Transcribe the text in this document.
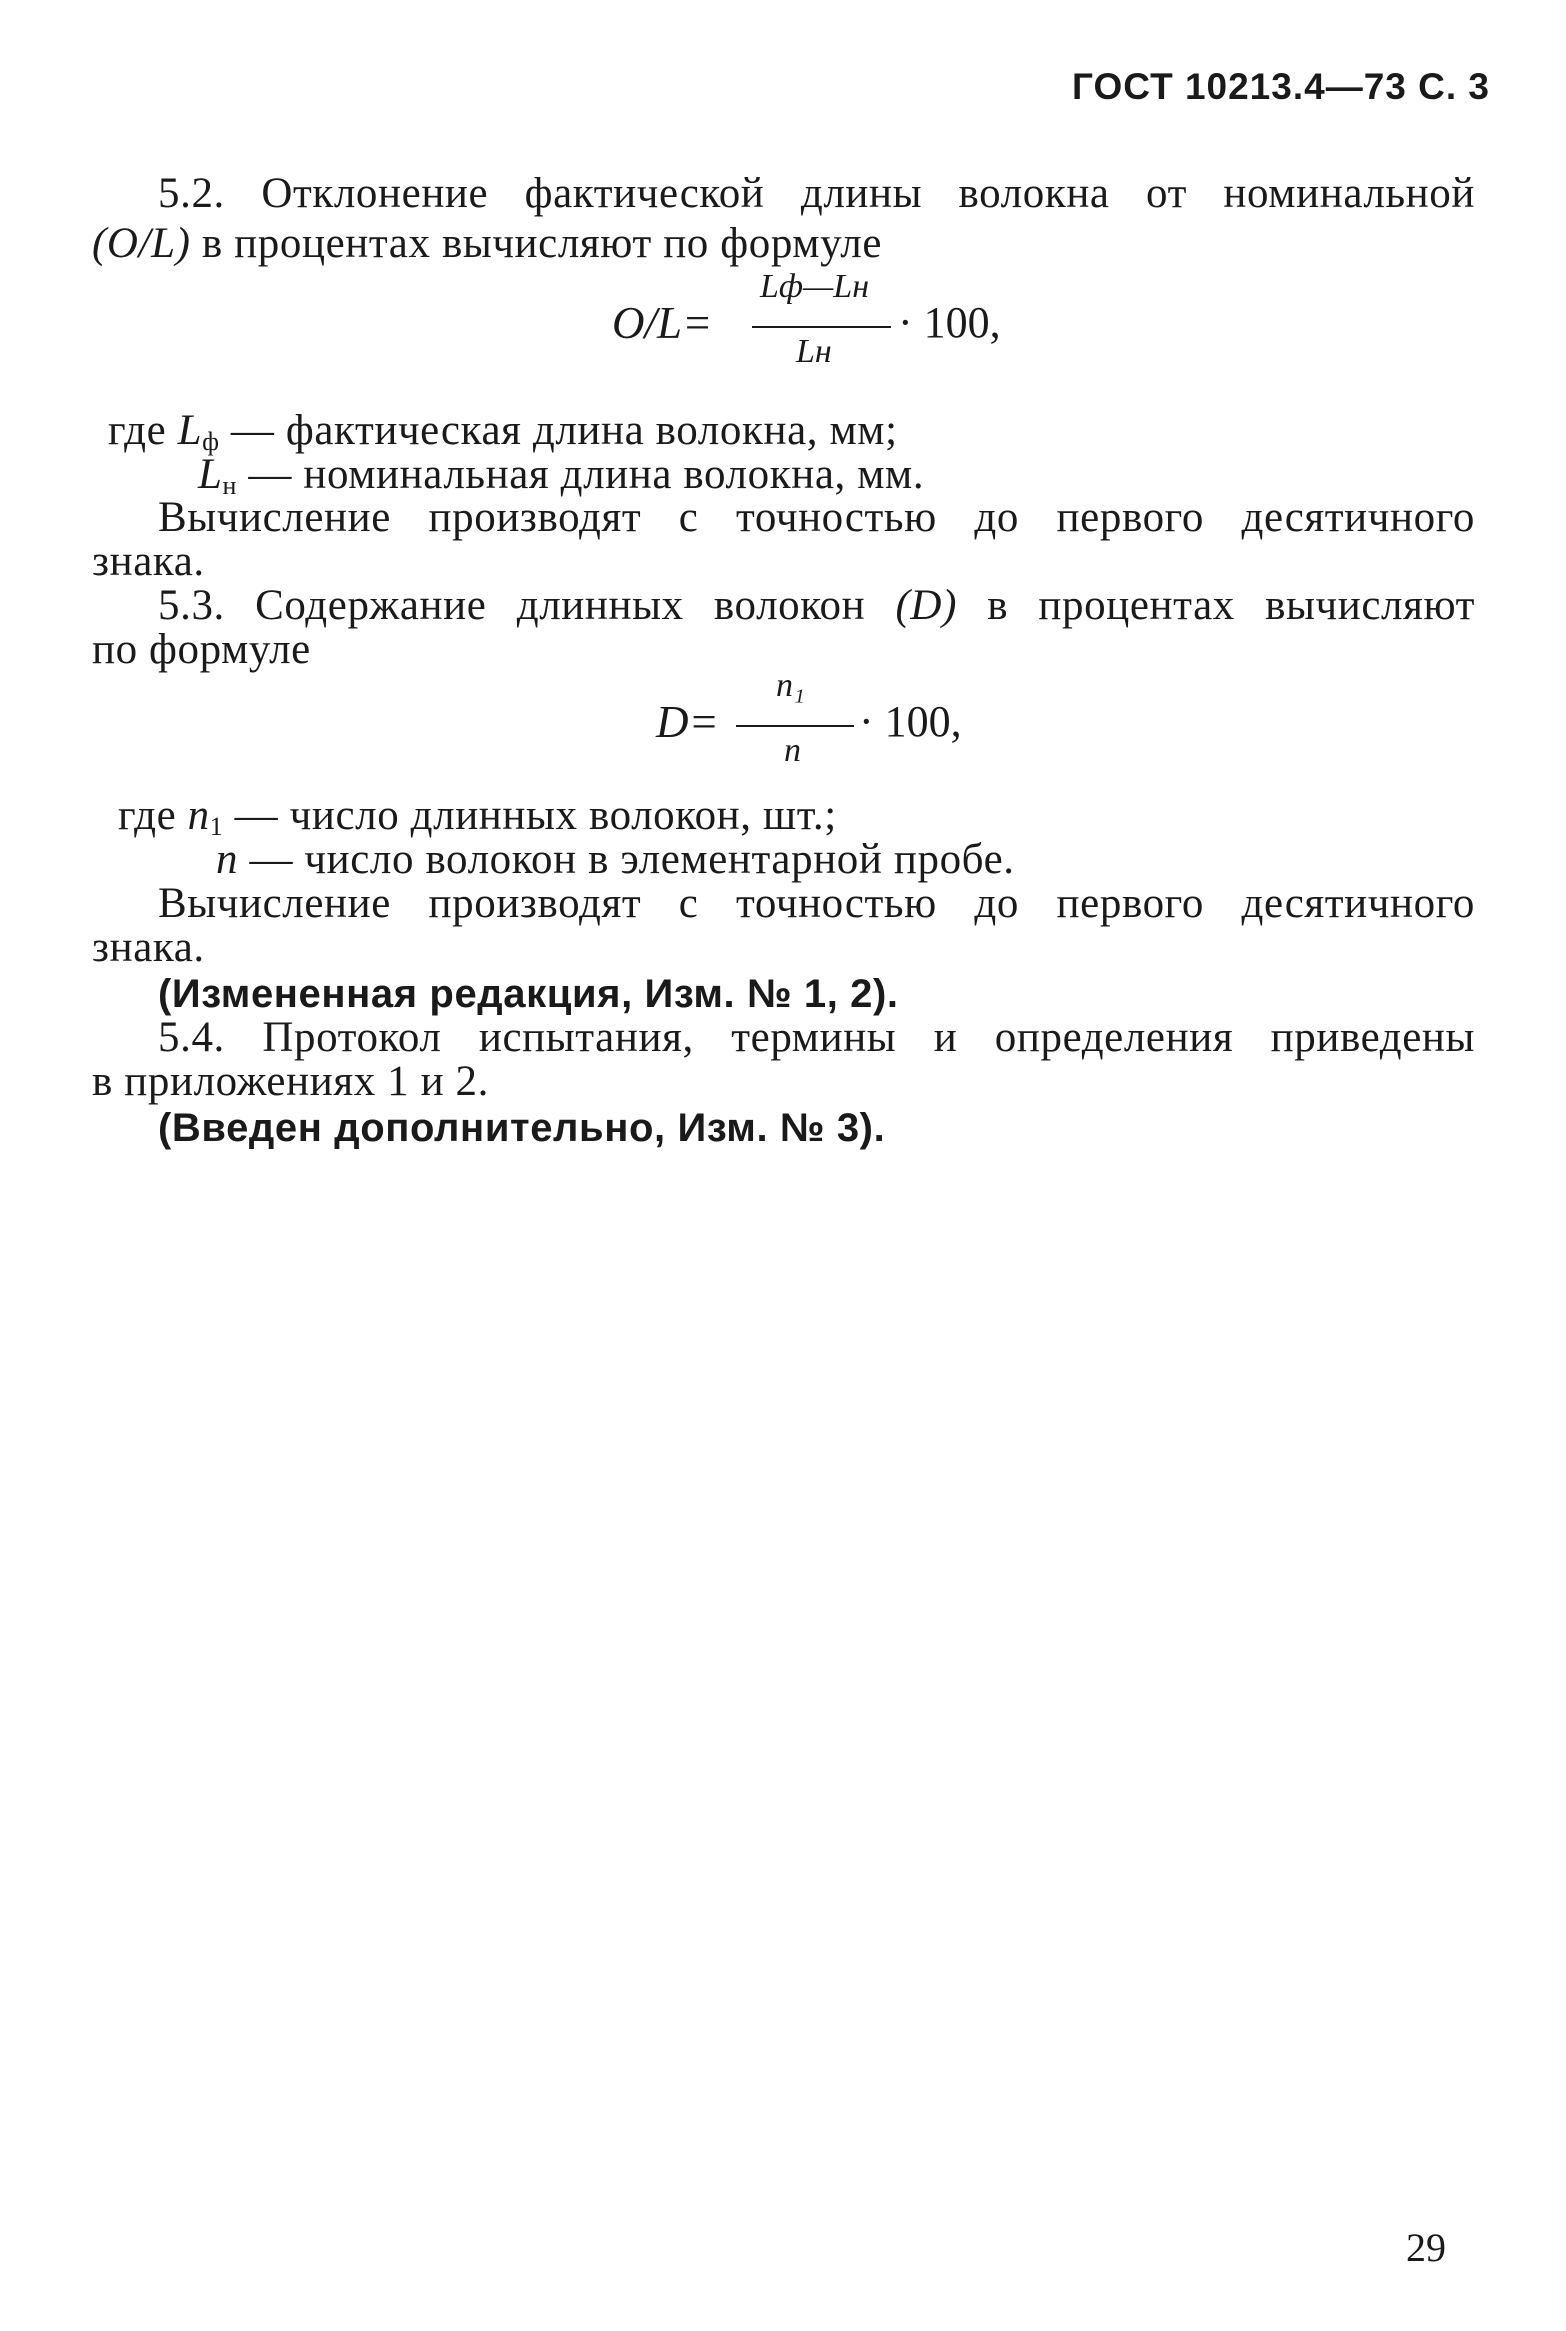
ГОСТ 10213.4—73 С. 3
5.2. Отклонение фактической длины волокна от номинальной
(O/L) в процентах вычисляют по формуле
O/L=
Lф—Lн
Lн
· 100,
где $L_ф$ — фактическая длина волокна, мм;
$L_н$ — номинальная длина волокна, мм.
Вычисление производят с точностью до первого десятичного
знака.
5.3. Содержание длинных волокон (D) в процентах вычисляют
по формуле
D=
n₁
n
· 100,
где $n_1$ — число длинных волокон, шт.;
n — число волокон в элементарной пробе.
Вычисление производят с точностью до первого десятичного
знака.
(Измененная редакция, Изм. № 1, 2).
5.4. Протокол испытания, термины и определения приведены
в приложениях 1 и 2.
(Введен дополнительно, Изм. № 3).
29
